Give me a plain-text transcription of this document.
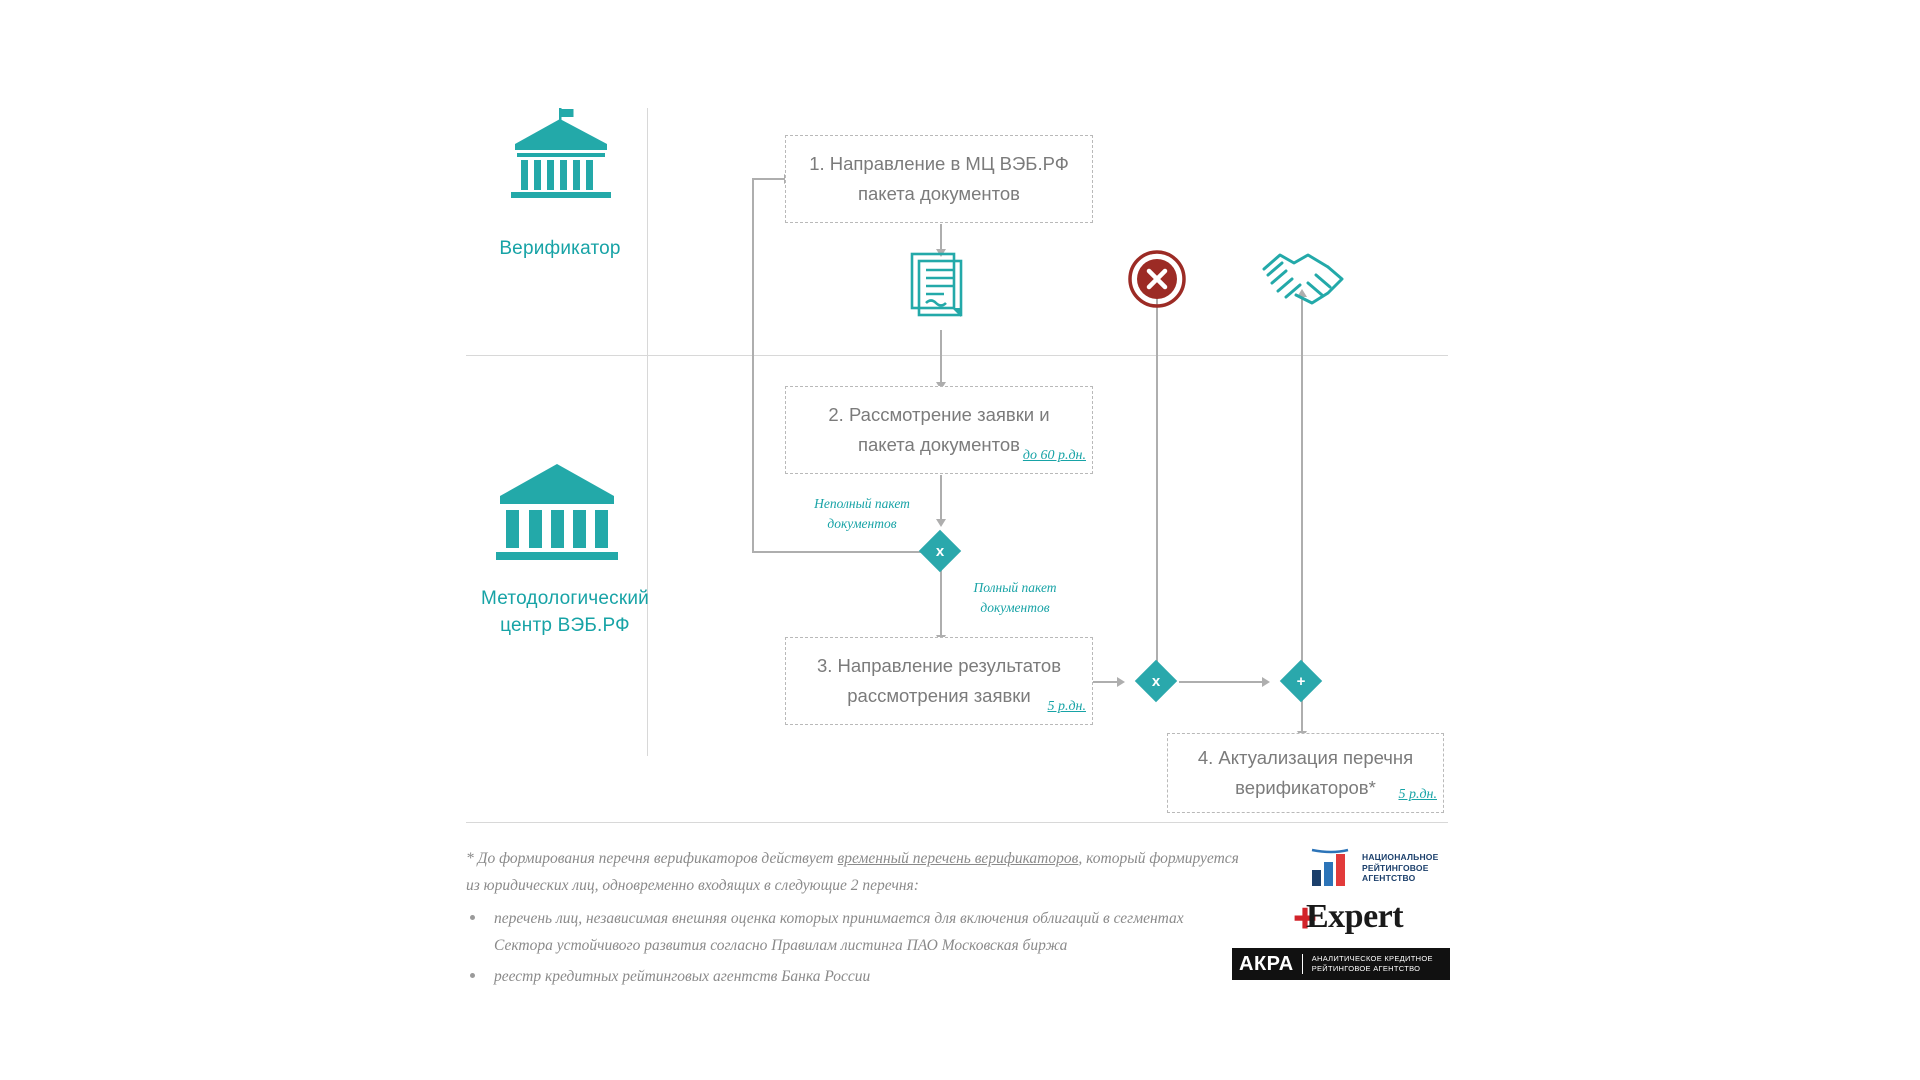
Верификатор
Методологический
центр ВЭБ.РФ
1. Направление в МЦ ВЭБ.РФ
пакета документов
2. Рассмотрение заявки и
пакета документов
до 60 р.дн.
3. Направление результатов
рассмотрения заявки
5 р.дн.
4. Актуализация перечня
верификаторов*	5 р.дн.
x
x	+
Неполный пакет
документов
Полный пакет
документов
* До формирования перечня верификаторов действует временный перечень верификаторов, который формируется
из юридических лиц, одновременно входящих в следующие 2 перечня:
перечень лиц, независимая внешняя оценка которых принимается для включения облигаций в сегментах
Сектора устойчивого развития согласно Правилам листинга ПАО Московская биржа
реестр кредитных рейтинговых агентств Банка России
НАЦИОНАЛЬНОЕ
РЕЙТИНГОВОЕ
АГЕНТСТВО
Expert
АКРА	АНАЛИТИЧЕСКОЕ КРЕДИТНОЕ
РЕЙТИНГОВОЕ АГЕНТСТВО
